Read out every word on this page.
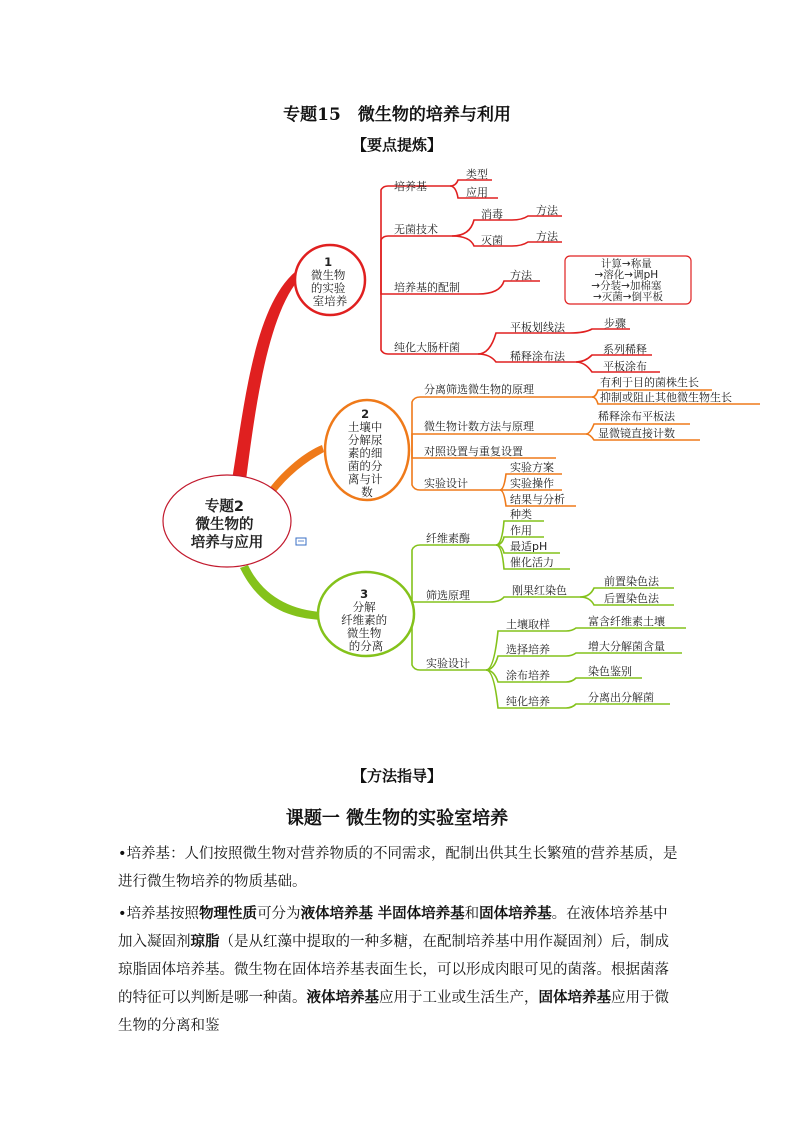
专题15　微生物的培养与利用
【要点提炼】
专题2 微生物的 培养与应用
1 微生物 的实验 室培养
培养基 类型 应用 无菌技术 消毒	方法 灭菌	方法 培养基的配制 方法 纯化大肠杆菌 平板划线法	步骤 稀释涂布法 系列稀释 平板涂布
计算→称量 →溶化→调pH →分装→加棉塞 →灭菌→倒平板
2 土壤中 分解尿 素的细 菌的分 离与计 数
分离筛选微生物的原理 有利于目的菌株生长 抑制或阻止其他微生物生长 微生物计数方法与原理 稀释涂布平板法 显微镜直接计数 对照设置与重复设置 实验设计 实验方案 实验操作 结果与分析
3 分解 纤维素的 微生物 的分离
纤维素酶 种类 作用 最适pH 催化活力 筛选原理	刚果红染色 前置染色法 后置染色法 实验设计 土壤取样	富含纤维素土壤 选择培养	增大分解菌含量 涂布培养	染色鉴别 纯化培养	分离出分解菌
【方法指导】
课题一 微生物的实验室培养
•培养基：人们按照微生物对营养物质的不同需求，配制出供其生长繁殖的营养基质，是进行微生物培养的物质基础。
•培养基按照物理性质可分为液体培养基 半固体培养基和固体培养基。在液体培养基中加入凝固剂琼脂（是从红藻中提取的一种多糖，在配制培养基中用作凝固剂）后，制成琼脂固体培养基。微生物在固体培养基表面生长，可以形成肉眼可见的菌落。根据菌落的特征可以判断是哪一种菌。液体培养基应用于工业或生活生产，固体培养基应用于微生物的分离和鉴
